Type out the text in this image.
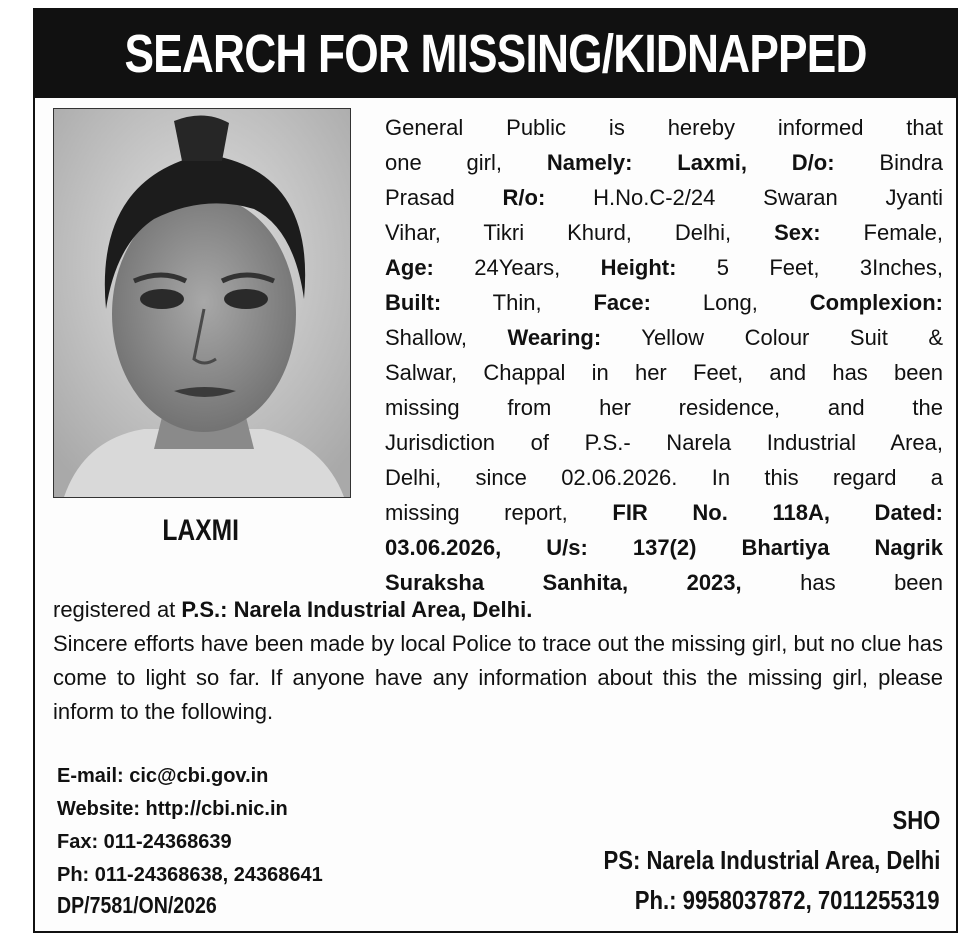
SEARCH FOR MISSING/KIDNAPPED
LAXMI
General Public is hereby informed that
one girl, Namely: Laxmi, D/o: Bindra
Prasad R/o: H.No.C-2/24 Swaran Jyanti
Vihar, Tikri Khurd, Delhi, Sex: Female,
Age: 24Years, Height: 5 Feet, 3Inches,
Built: Thin, Face: Long, Complexion:
Shallow, Wearing: Yellow Colour Suit &
Salwar, Chappal in her Feet, and has been
missing from her residence, and the
Jurisdiction of P.S.- Narela Industrial Area,
Delhi, since 02.06.2026. In this regard a
missing report, FIR No. 118A, Dated:
03.06.2026, U/s: 137(2) Bhartiya Nagrik
Suraksha Sanhita, 2023, has been
registered at P.S.: Narela Industrial Area, Delhi.
Sincere efforts have been made by local Police to trace out the missing girl, but no clue has come to light so far. If anyone have any information about this the missing girl, please inform to the following.
E-mail: cic@cbi.gov.in
Website: http://cbi.nic.in
Fax: 011-24368639
Ph: 011-24368638, 24368641
DP/7581/ON/2026
SHO
PS: Narela Industrial Area, Delhi
Ph.: 9958037872, 7011255319
